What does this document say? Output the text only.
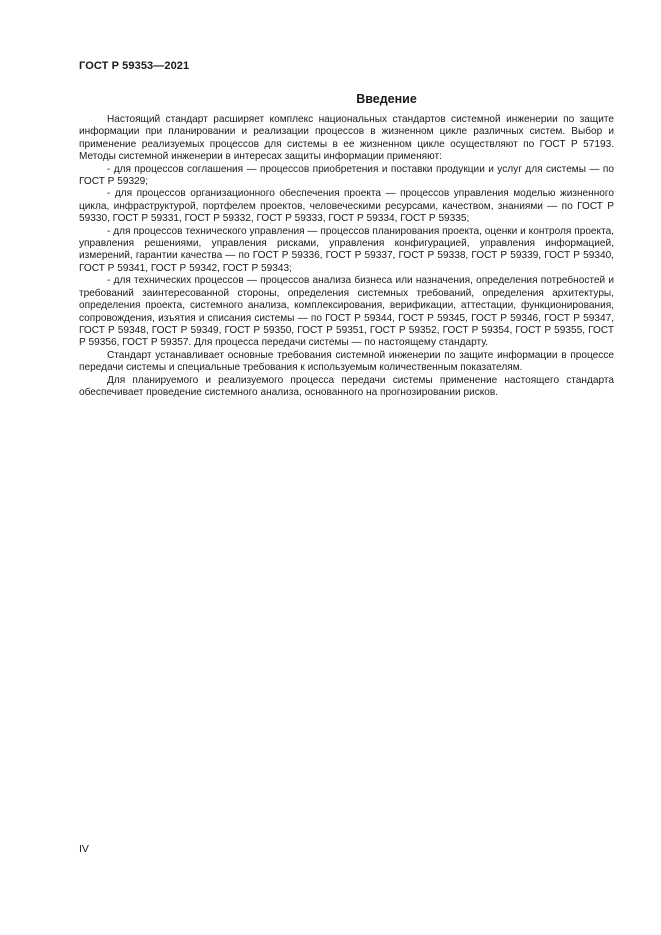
ГОСТ Р 59353—2021
Введение

Настоящий стандарт расширяет комплекс национальных стандартов системной инженерии по защите информации при планировании и реализации процессов в жизненном цикле различных систем. Выбор и применение реализуемых процессов для системы в ее жизненном цикле осуществляют по ГОСТ Р 57193. Методы системной инженерии в интересах защиты информации применяют:

- для процессов соглашения — процессов приобретения и поставки продукции и услуг для системы — по ГОСТ Р 59329;

- для процессов организационного обеспечения проекта — процессов управления моделью жизненного цикла, инфраструктурой, портфелем проектов, человеческими ресурсами, качеством, знаниями — по ГОСТ Р 59330, ГОСТ Р 59331, ГОСТ Р 59332, ГОСТ Р 59333, ГОСТ Р 59334, ГОСТ Р 59335;

- для процессов технического управления — процессов планирования проекта, оценки и контроля проекта, управления решениями, управления рисками, управления конфигурацией, управления информацией, измерений, гарантии качества — по ГОСТ Р 59336, ГОСТ Р 59337, ГОСТ Р 59338, ГОСТ Р 59339, ГОСТ Р 59340, ГОСТ Р 59341, ГОСТ Р 59342, ГОСТ Р 59343;

- для технических процессов — процессов анализа бизнеса или назначения, определения потребностей и требований заинтересованной стороны, определения системных требований, определения архитектуры, определения проекта, системного анализа, комплексирования, верификации, аттестации, функционирования, сопровождения, изъятия и списания системы — по ГОСТ Р 59344, ГОСТ Р 59345, ГОСТ Р 59346, ГОСТ Р 59347, ГОСТ Р 59348, ГОСТ Р 59349, ГОСТ Р 59350, ГОСТ Р 59351, ГОСТ Р 59352, ГОСТ Р 59354, ГОСТ Р 59355, ГОСТ Р 59356, ГОСТ Р 59357. Для процесса передачи системы — по настоящему стандарту.

Стандарт устанавливает основные требования системной инженерии по защите информации в процессе передачи системы и специальные требования к используемым количественным показателям.

Для планируемого и реализуемого процесса передачи системы применение настоящего стандарта обеспечивает проведение системного анализа, основанного на прогнозировании рисков.

IV
